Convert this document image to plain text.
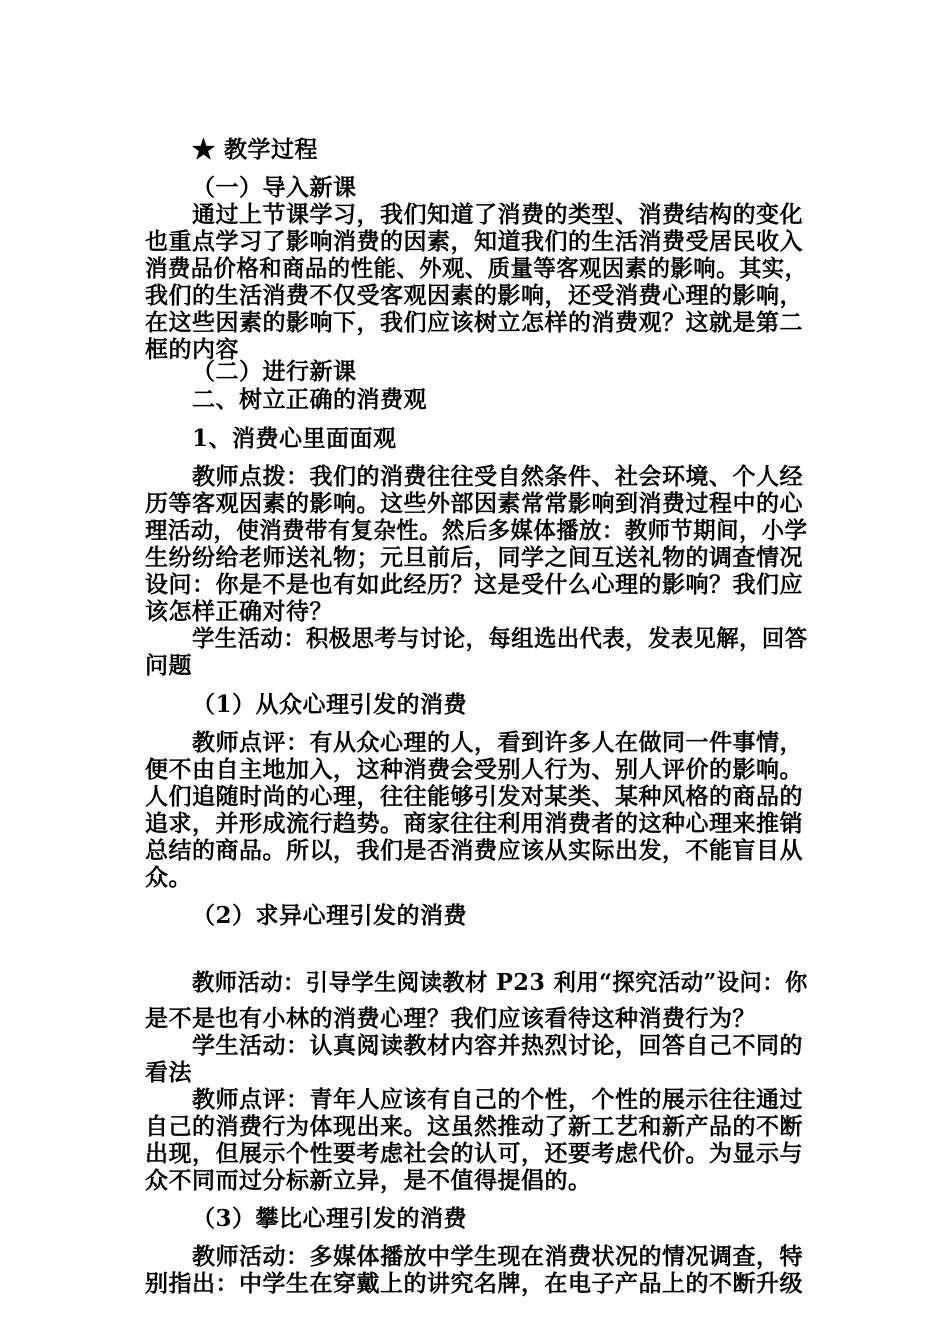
★ 教学过程
（一）导入新课
通过上节课学习，我们知道了消费的类型、消费结构的变化
也重点学习了影响消费的因素，知道我们的生活消费受居民收入
消费品价格和商品的性能、外观、质量等客观因素的影响。其实，
我们的生活消费不仅受客观因素的影响，还受消费心理的影响，
在这些因素的影响下，我们应该树立怎样的消费观？这就是第二
框的内容
（二）进行新课
二、树立正确的消费观
1、消费心里面面观
教师点拨：我们的消费往往受自然条件、社会环境、个人经
历等客观因素的影响。这些外部因素常常影响到消费过程中的心
理活动，使消费带有复杂性。然后多媒体播放：教师节期间，小学
生纷纷给老师送礼物；元旦前后，同学之间互送礼物的调查情况
设问：你是不是也有如此经历？这是受什么心理的影响？我们应
该怎样正确对待？
学生活动：积极思考与讨论，每组选出代表，发表见解，回答
问题
（1）从众心理引发的消费
教师点评：有从众心理的人，看到许多人在做同一件事情，
便不由自主地加入，这种消费会受别人行为、别人评价的影响。
人们追随时尚的心理，往往能够引发对某类、某种风格的商品的
追求，并形成流行趋势。商家往往利用消费者的这种心理来推销
总结的商品。所以，我们是否消费应该从实际出发，不能盲目从
众。
（2）求异心理引发的消费
教师活动：引导学生阅读教材 P23 利用“探究活动”设问：你
是不是也有小林的消费心理？我们应该看待这种消费行为？
学生活动：认真阅读教材内容并热烈讨论，回答自己不同的
看法
教师点评：青年人应该有自己的个性，个性的展示往往通过
自己的消费行为体现出来。这虽然推动了新工艺和新产品的不断
出现，但展示个性要考虑社会的认可，还要考虑代价。为显示与
众不同而过分标新立异，是不值得提倡的。
（3）攀比心理引发的消费
教师活动：多媒体播放中学生现在消费状况的情况调查，特
别指出：中学生在穿戴上的讲究名牌，在电子产品上的不断升级
